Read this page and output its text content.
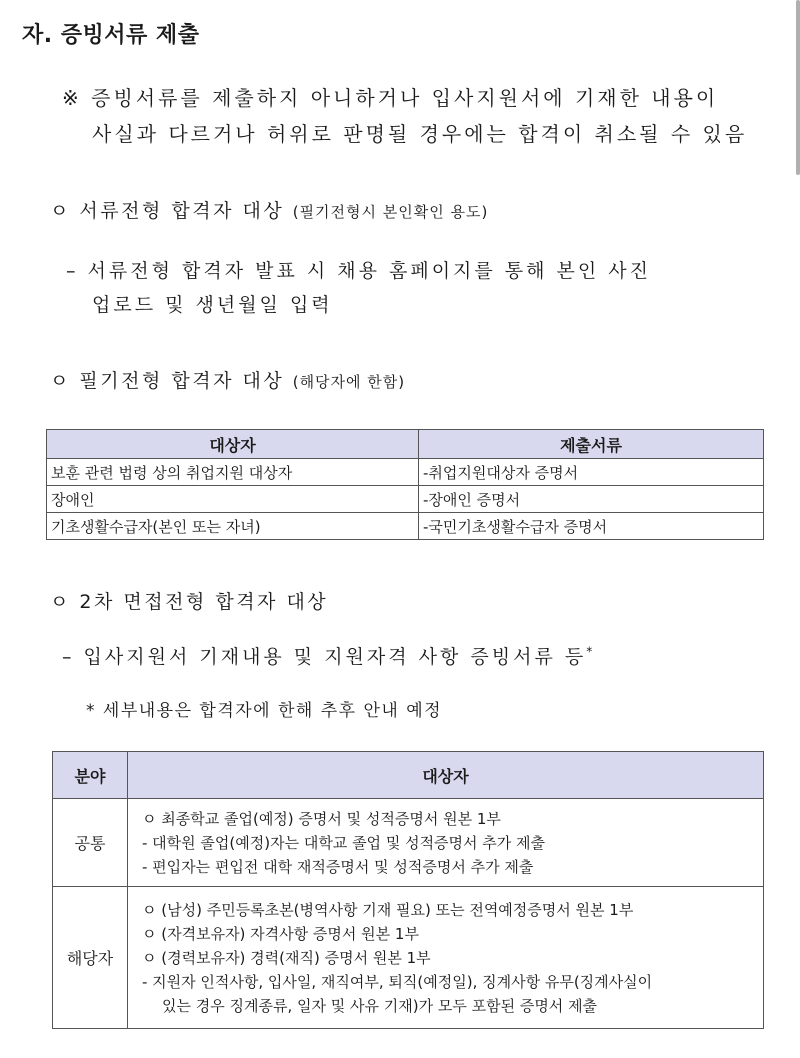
자. 증빙서류 제출
※ 증빙서류를 제출하지 아니하거나 입사지원서에 기재한 내용이
사실과 다르거나 허위로 판명될 경우에는 합격이 취소될 수 있음
ㅇ 서류전형 합격자 대상 (필기전형시 본인확인 용도)
– 서류전형 합격자 발표 시 채용 홈페이지를 통해 본인 사진
업로드 및 생년월일 입력
ㅇ 필기전형 합격자 대상 (해당자에 한함)
대상자	제출서류
보훈 관련 법령 상의 취업지원 대상자	-취업지원대상자 증명서
장애인	-장애인 증명서
기초생활수급자(본인 또는 자녀)	-국민기초생활수급자 증명서
ㅇ 2차 면접전형 합격자 대상
– 입사지원서 기재내용 및 지원자격 사항 증빙서류 등*
* 세부내용은 합격자에 한해 추후 안내 예정
분야	대상자
공통	ㅇ 최종학교 졸업(예정) 증명서 및 성적증명서 원본 1부
- 대학원 졸업(예정)자는 대학교 졸업 및 성적증명서 추가 제출
- 편입자는 편입전 대학 재적증명서 및 성적증명서 추가 제출

해당자	ㅇ (남성) 주민등록초본(병역사항 기재 필요) 또는 전역예정증명서 원본 1부
ㅇ (자격보유자) 자격사항 증명서 원본 1부
ㅇ (경력보유자) 경력(재직) 증명서 원본 1부
- 지원자 인적사항, 입사일, 재직여부, 퇴직(예정일), 징계사항 유무(징계사실이
있는 경우 징계종류, 일자 및 사유 기재)가 모두 포함된 증명서 제출
